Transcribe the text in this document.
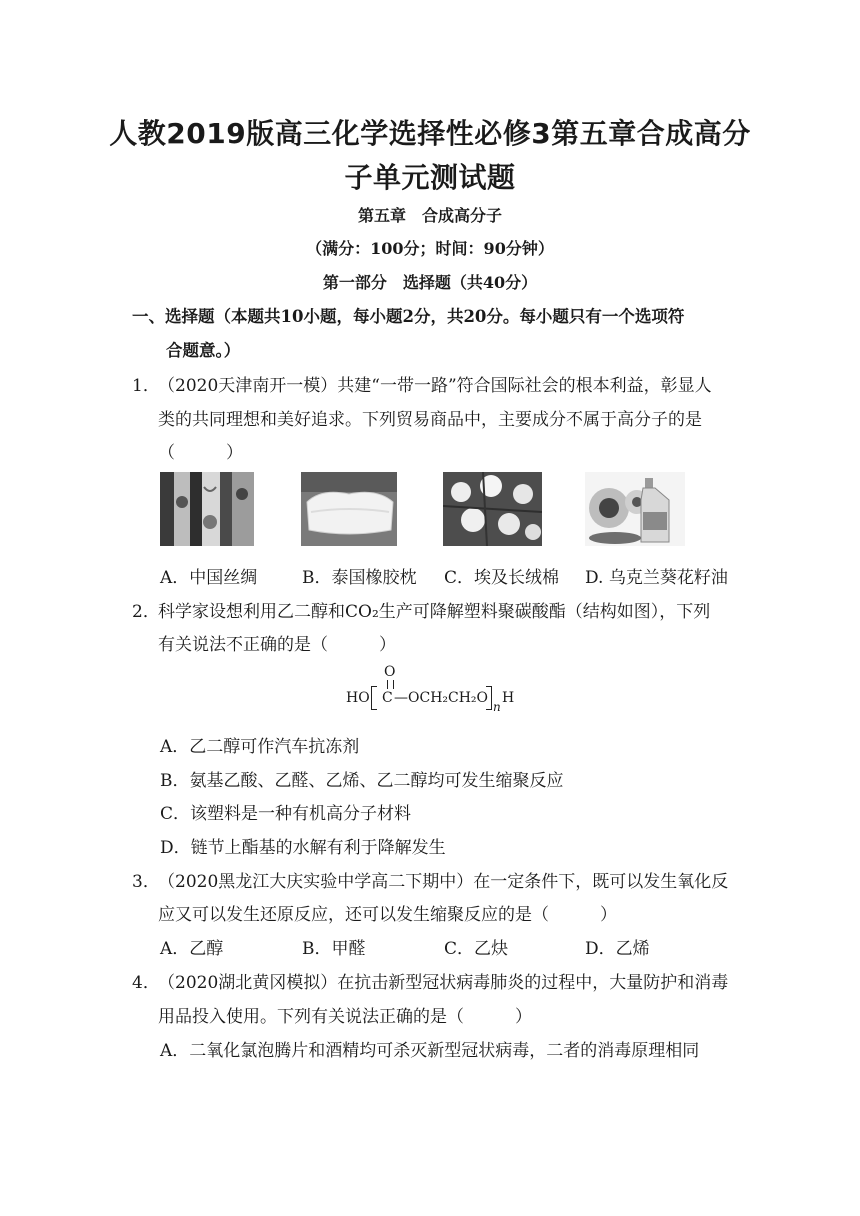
人教2019版高三化学选择性必修3第五章合成高分
子单元测试题
第五章　合成高分子
（满分：100分；时间：90分钟）
第一部分　选择题（共40分）
一、选择题（本题共10小题，每小题2分，共20分。每小题只有一个选项符
合题意。）
1．
（2020天津南开一模）共建“一带一路”符合国际社会的根本利益，彰显人
类的共同理想和美好追求。下列贸易商品中，主要成分不属于高分子的是
（　　　）
A．中国丝绸	B．泰国橡胶枕 C．埃及长绒棉 D. 乌克兰葵花籽油
2．
科学家设想利用乙二醇和CO₂生产可降解塑料聚碳酸酯（结构如图），下列
有关说法不正确的是（　　　）
O
HO C —OCH₂CH₂O
n
H
A．乙二醇可作汽车抗冻剂
B．氨基乙酸、乙醛、乙烯、乙二醇均可发生缩聚反应
C．该塑料是一种有机高分子材料
D．链节上酯基的水解有利于降解发生
3．
（2020黑龙江大庆实验中学高二下期中）在一定条件下，既可以发生氧化反
应又可以发生还原反应，还可以发生缩聚反应的是（　　　）
A．乙醇	B．甲醛	C．乙炔	D．乙烯
4．
（2020湖北黄冈模拟）在抗击新型冠状病毒肺炎的过程中，大量防护和消毒
用品投入使用。下列有关说法正确的是（　　　）
A．二氧化氯泡腾片和酒精均可杀灭新型冠状病毒，二者的消毒原理相同
